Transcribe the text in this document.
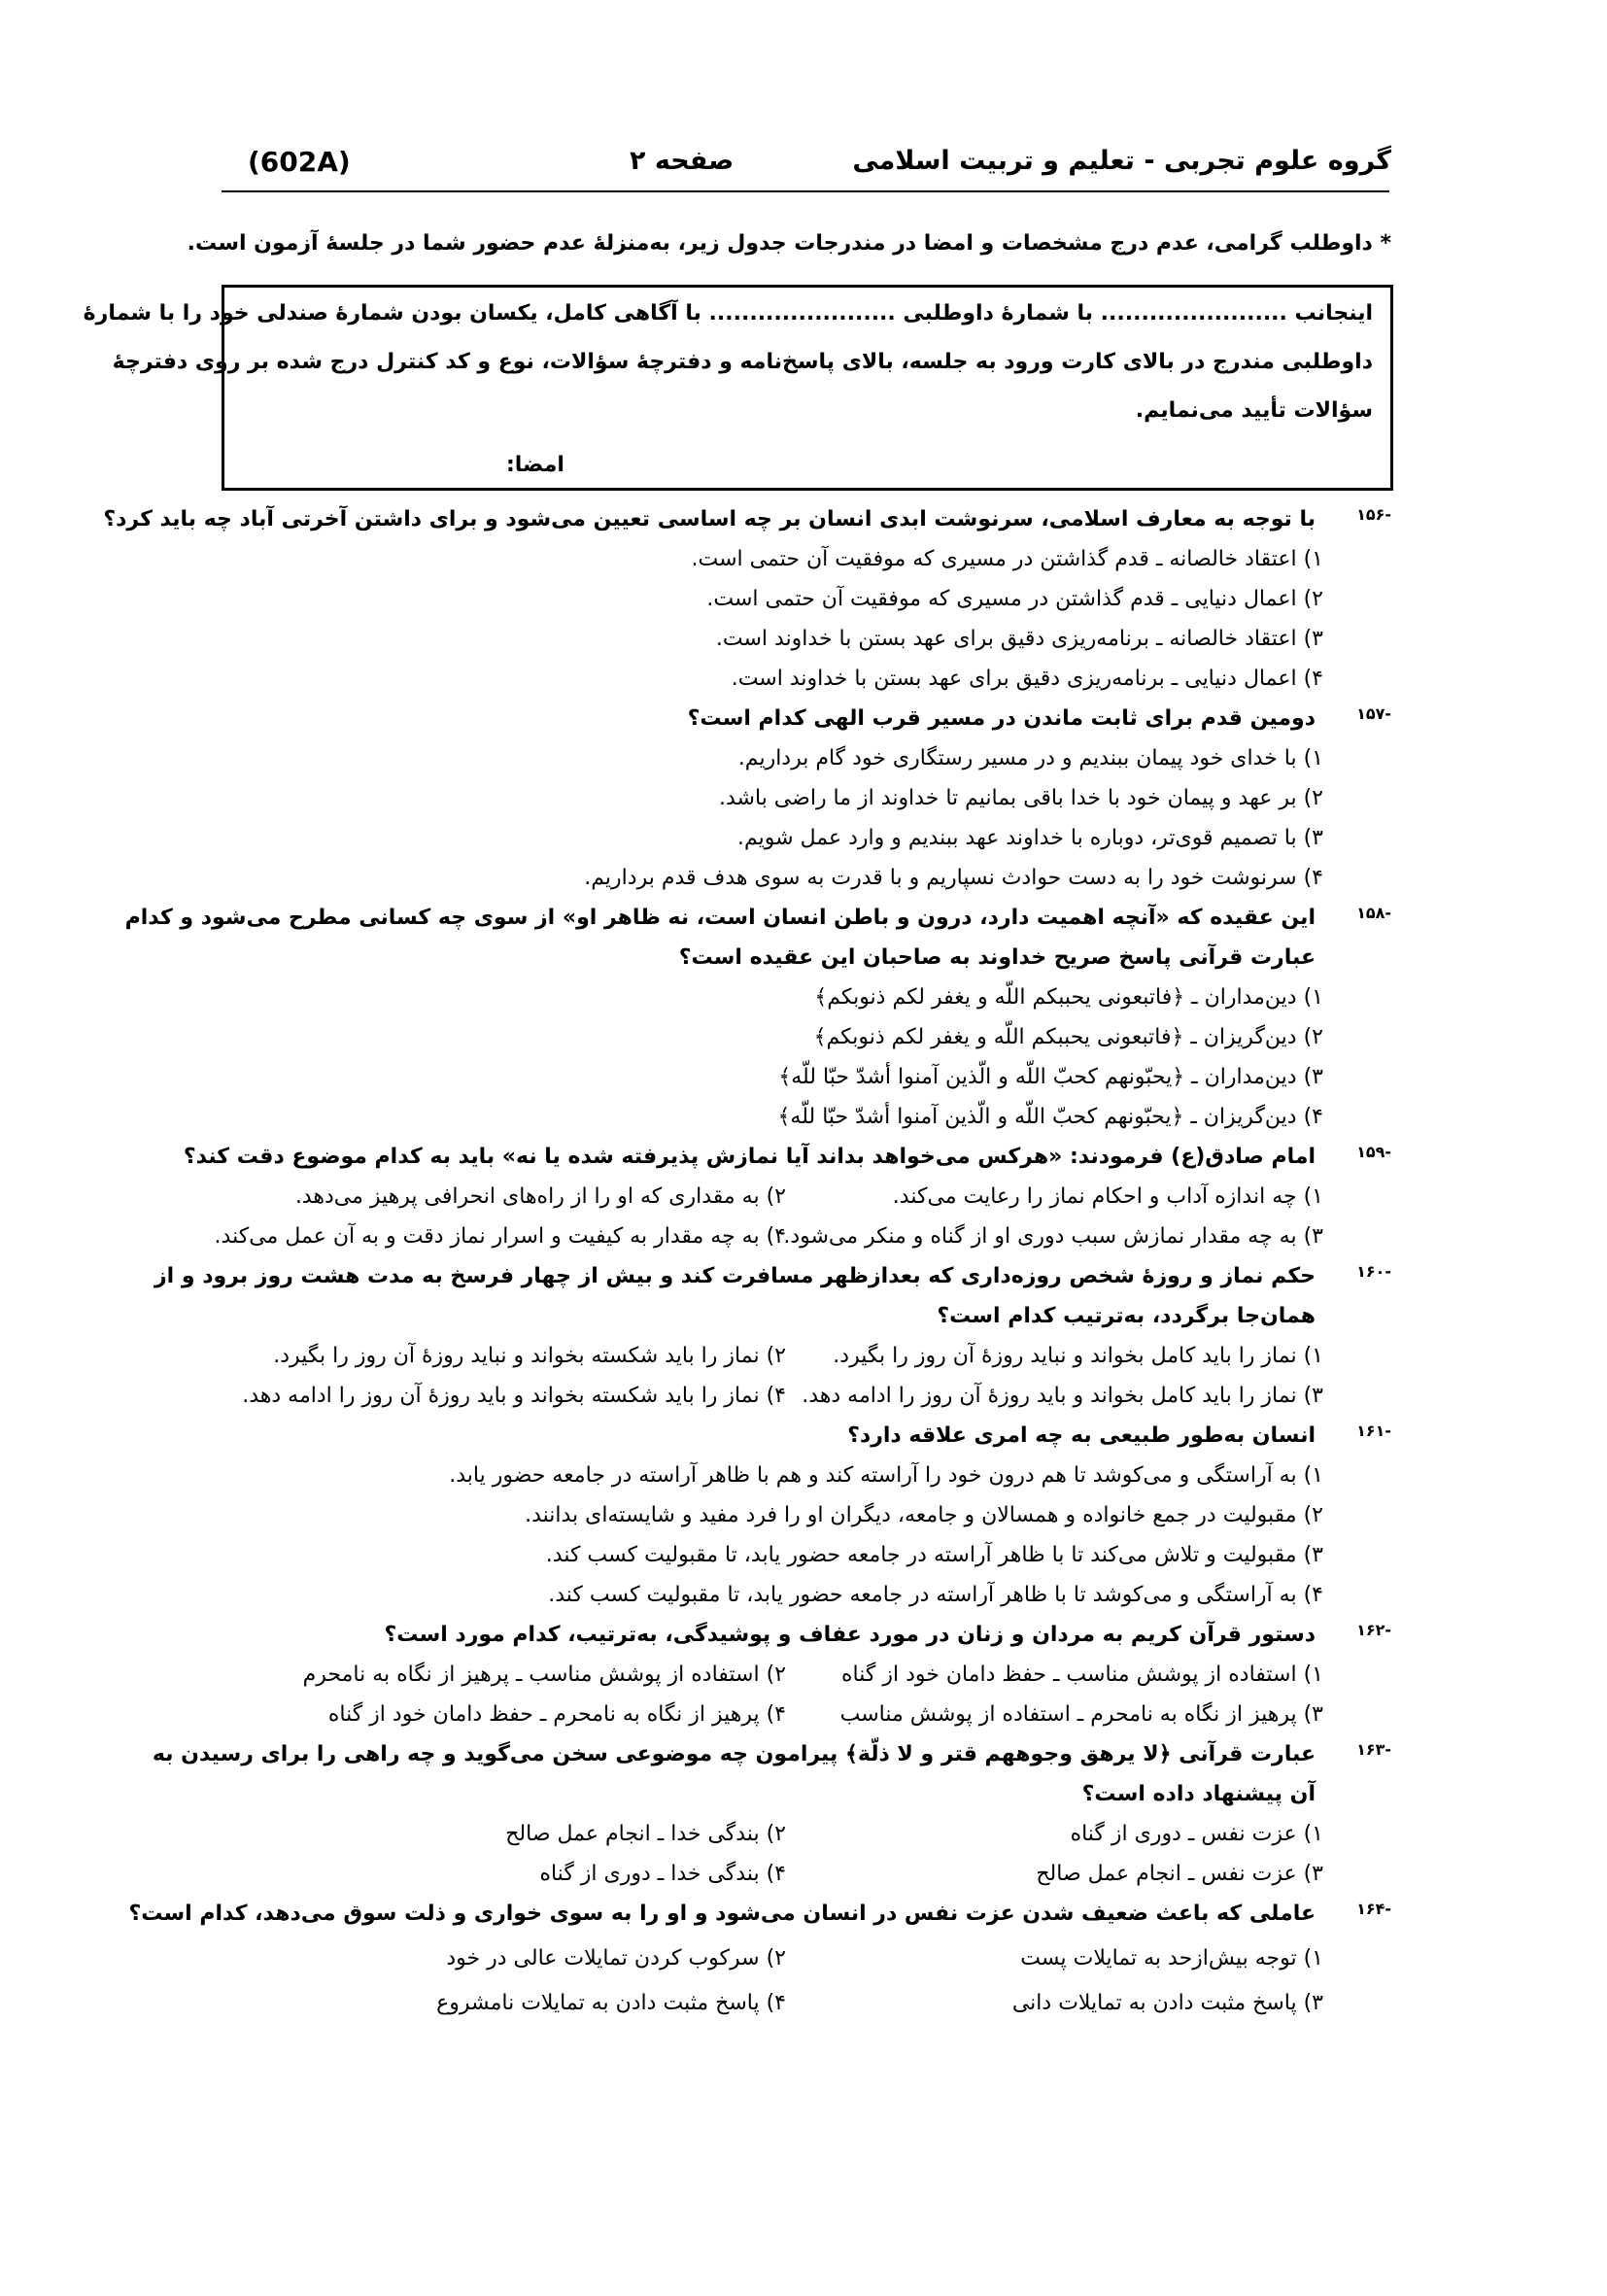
گروه علوم تجربی - تعلیم و تربیت اسلامی
صفحه ۲
(602A)
* داوطلب گرامی، عدم درج مشخصات و امضا در مندرجات جدول زیر، به‌منزلهٔ عدم حضور شما در جلسهٔ آزمون است.
اینجانب ....................... با شمارهٔ داوطلبی ....................... با آگاهی کامل، یکسان بودن شمارهٔ صندلی خود را با شمارهٔ
داوطلبی مندرج در بالای کارت ورود به جلسه، بالای پاسخ‌نامه و دفترچهٔ سؤالات، نوع و کد کنترل درج شده بر روی دفترچهٔ
سؤالات تأیید می‌نمایم.
امضا:
۱۵۶-
با توجه به معارف اسلامی، سرنوشت ابدی انسان بر چه اساسی تعیین می‌شود و برای داشتن آخرتی آباد چه باید کرد؟
۱) اعتقاد خالصانه ـ قدم گذاشتن در مسیری که موفقیت آن حتمی است.
۲) اعمال دنیایی ـ قدم گذاشتن در مسیری که موفقیت آن حتمی است.
۳) اعتقاد خالصانه ـ برنامه‌ریزی دقیق برای عهد بستن با خداوند است.
۴) اعمال دنیایی ـ برنامه‌ریزی دقیق برای عهد بستن با خداوند است.
۱۵۷-
دومین قدم برای ثابت ماندن در مسیر قرب الهی کدام است؟
۱) با خدای خود پیمان ببندیم و در مسیر رستگاری خود گام برداریم.
۲) بر عهد و پیمان خود با خدا باقی بمانیم تا خداوند از ما راضی باشد.
۳) با تصمیم قوی‌تر، دوباره با خداوند عهد ببندیم و وارد عمل شویم.
۴) سرنوشت خود را به دست حوادث نسپاریم و با قدرت به سوی هدف قدم برداریم.
۱۵۸-
این عقیده که «آنچه اهمیت دارد، درون و باطن انسان است، نه ظاهر او» از سوی چه کسانی مطرح می‌شود و کدام
عبارت قرآنی پاسخ صریح خداوند به صاحبان این عقیده است؟
۱) دین‌مداران ـ ﴿فاتبعونی یحببکم اللّه و یغفر لکم ذنوبکم﴾
۲) دین‌گریزان ـ ﴿فاتبعونی یحببکم اللّه و یغفر لکم ذنوبکم﴾
۳) دین‌مداران ـ ﴿یحبّونهم کحبّ اللّه و الّذین آمنوا أشدّ حبّا للّه﴾
۴) دین‌گریزان ـ ﴿یحبّونهم کحبّ اللّه و الّذین آمنوا أشدّ حبّا للّه﴾
۱۵۹-
امام صادق(ع) فرمودند: «هرکس می‌خواهد بداند آیا نمازش پذیرفته شده یا نه» باید به کدام موضوع دقت کند؟
۱) چه اندازه آداب و احکام نماز را رعایت می‌کند.
۲) به مقداری که او را از راه‌های انحرافی پرهیز می‌دهد.
۳) به چه مقدار نمازش سبب دوری او از گناه و منکر می‌شود.
۴) به چه مقدار به کیفیت و اسرار نماز دقت و به آن عمل می‌کند.
۱۶۰-
حکم نماز و روزهٔ شخص روزه‌داری که بعدازظهر مسافرت کند و بیش از چهار فرسخ به مدت هشت روز برود و از
همان‌جا برگردد، به‌ترتیب کدام است؟
۱) نماز را باید کامل بخواند و نباید روزهٔ آن روز را بگیرد.
۲) نماز را باید شکسته بخواند و نباید روزهٔ آن روز را بگیرد.
۳) نماز را باید کامل بخواند و باید روزهٔ آن روز را ادامه دهد.
۴) نماز را باید شکسته بخواند و باید روزهٔ آن روز را ادامه دهد.
۱۶۱-
انسان به‌طور طبیعی به چه امری علاقه دارد؟
۱) به آراستگی و می‌کوشد تا هم درون خود را آراسته کند و هم با ظاهر آراسته در جامعه حضور یابد.
۲) مقبولیت در جمع خانواده و همسالان و جامعه، دیگران او را فرد مفید و شایسته‌ای بدانند.
۳) مقبولیت و تلاش می‌کند تا با ظاهر آراسته در جامعه حضور یابد، تا مقبولیت کسب کند.
۴) به آراستگی و می‌کوشد تا با ظاهر آراسته در جامعه حضور یابد، تا مقبولیت کسب کند.
۱۶۲-
دستور قرآن کریم به مردان و زنان در مورد عفاف و پوشیدگی، به‌ترتیب، کدام مورد است؟
۱) استفاده از پوشش مناسب ـ حفظ دامان خود از گناه
۲) استفاده از پوشش مناسب ـ پرهیز از نگاه به نامحرم
۳) پرهیز از نگاه به نامحرم ـ استفاده از پوشش مناسب
۴) پرهیز از نگاه به نامحرم ـ حفظ دامان خود از گناه
۱۶۳-
عبارت قرآنی ﴿لا یرهق وجوههم قتر و لا ذلّة﴾ پیرامون چه موضوعی سخن می‌گوید و چه راهی را برای رسیدن به
آن پیشنهاد داده است؟
۱) عزت نفس ـ دوری از گناه
۲) بندگی خدا ـ انجام عمل صالح
۳) عزت نفس ـ انجام عمل صالح
۴) بندگی خدا ـ دوری از گناه
۱۶۴-
عاملی که باعث ضعیف شدن عزت نفس در انسان می‌شود و او را به سوی خواری و ذلت سوق می‌دهد، کدام است؟
۱) توجه بیش‌ازحد به تمایلات پست
۲) سرکوب کردن تمایلات عالی در خود
۳) پاسخ مثبت دادن به تمایلات دانی
۴) پاسخ مثبت دادن به تمایلات نامشروع
